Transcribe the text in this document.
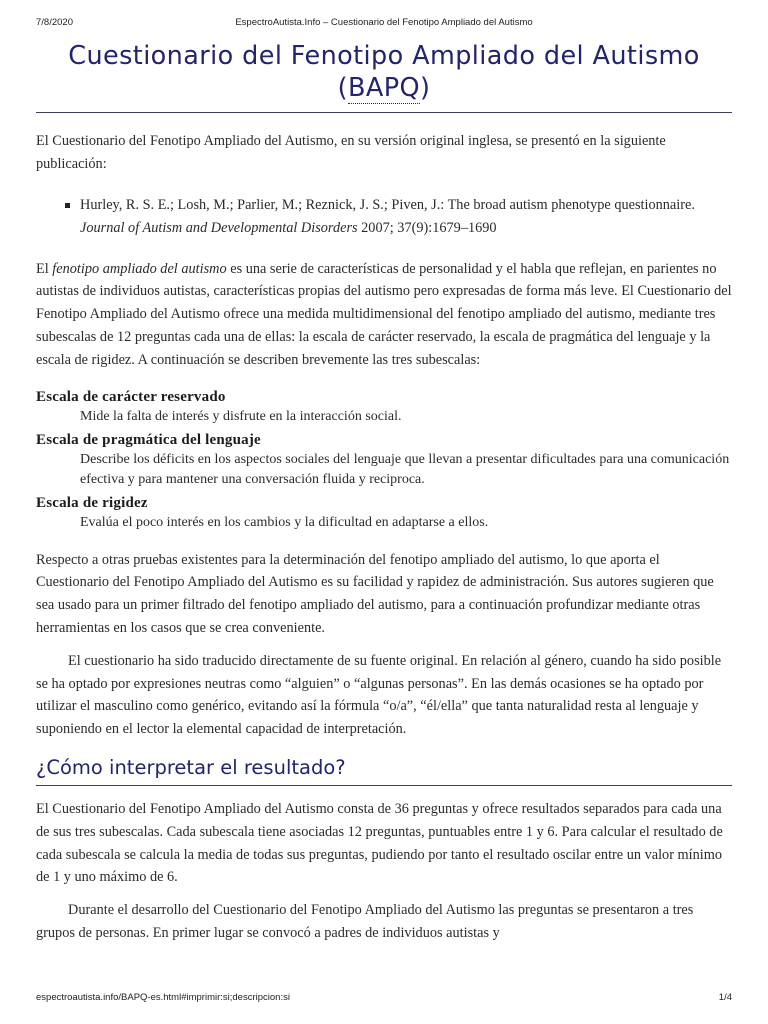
7/8/2020	EspectroAutista.Info – Cuestionario del Fenotipo Ampliado del Autismo
Cuestionario del Fenotipo Ampliado del Autismo
(BAPQ)

El Cuestionario del Fenotipo Ampliado del Autismo, en su versión original inglesa, se presentó en la siguiente publicación:

Hurley, R. S. E.; Losh, M.; Parlier, M.; Reznick, J. S.; Piven, J.: The broad autism phenotype questionnaire. Journal of Autism and Developmental Disorders 2007; 37(9):1679–1690

El fenotipo ampliado del autismo es una serie de características de personalidad y el habla que reflejan, en parientes no autistas de individuos autistas, características propias del autismo pero expresadas de forma más leve. El Cuestionario del Fenotipo Ampliado del Autismo ofrece una medida multidimensional del fenotipo ampliado del autismo, mediante tres subescalas de 12 preguntas cada una de ellas: la escala de carácter reservado, la escala de pragmática del lenguaje y la escala de rigidez. A continuación se describen brevemente las tres subescalas:

Escala de carácter reservado
Mide la falta de interés y disfrute en la interacción social.
Escala de pragmática del lenguaje
Describe los déficits en los aspectos sociales del lenguaje que llevan a presentar dificultades para una comunicación efectiva y para mantener una conversación fluida y reciproca.
Escala de rigidez
Evalúa el poco interés en los cambios y la dificultad en adaptarse a ellos.

Respecto a otras pruebas existentes para la determinación del fenotipo ampliado del autismo, lo que aporta el Cuestionario del Fenotipo Ampliado del Autismo es su facilidad y rapidez de administración. Sus autores sugieren que sea usado para un primer filtrado del fenotipo ampliado del autismo, para a continuación profundizar mediante otras herramientas en los casos que se crea conveniente.

El cuestionario ha sido traducido directamente de su fuente original. En relación al género, cuando ha sido posible se ha optado por expresiones neutras como “alguien” o “algunas personas”. En las demás ocasiones se ha optado por utilizar el masculino como genérico, evitando así la fórmula “o/a”, “él/ella” que tanta naturalidad resta al lenguaje y suponiendo en el lector la elemental capacidad de interpretación.

¿Cómo interpretar el resultado?

El Cuestionario del Fenotipo Ampliado del Autismo consta de 36 preguntas y ofrece resultados separados para cada una de sus tres subescalas. Cada subescala tiene asociadas 12 preguntas, puntuables entre 1 y 6. Para calcular el resultado de cada subescala se calcula la media de todas sus preguntas, pudiendo por tanto el resultado oscilar entre un valor mínimo de 1 y uno máximo de 6.

Durante el desarrollo del Cuestionario del Fenotipo Ampliado del Autismo las preguntas se presentaron a tres grupos de personas. En primer lugar se convocó a padres de individuos autistas y

espectroautista.info/BAPQ-es.html#imprimir:si;descripcion:si	1/4
